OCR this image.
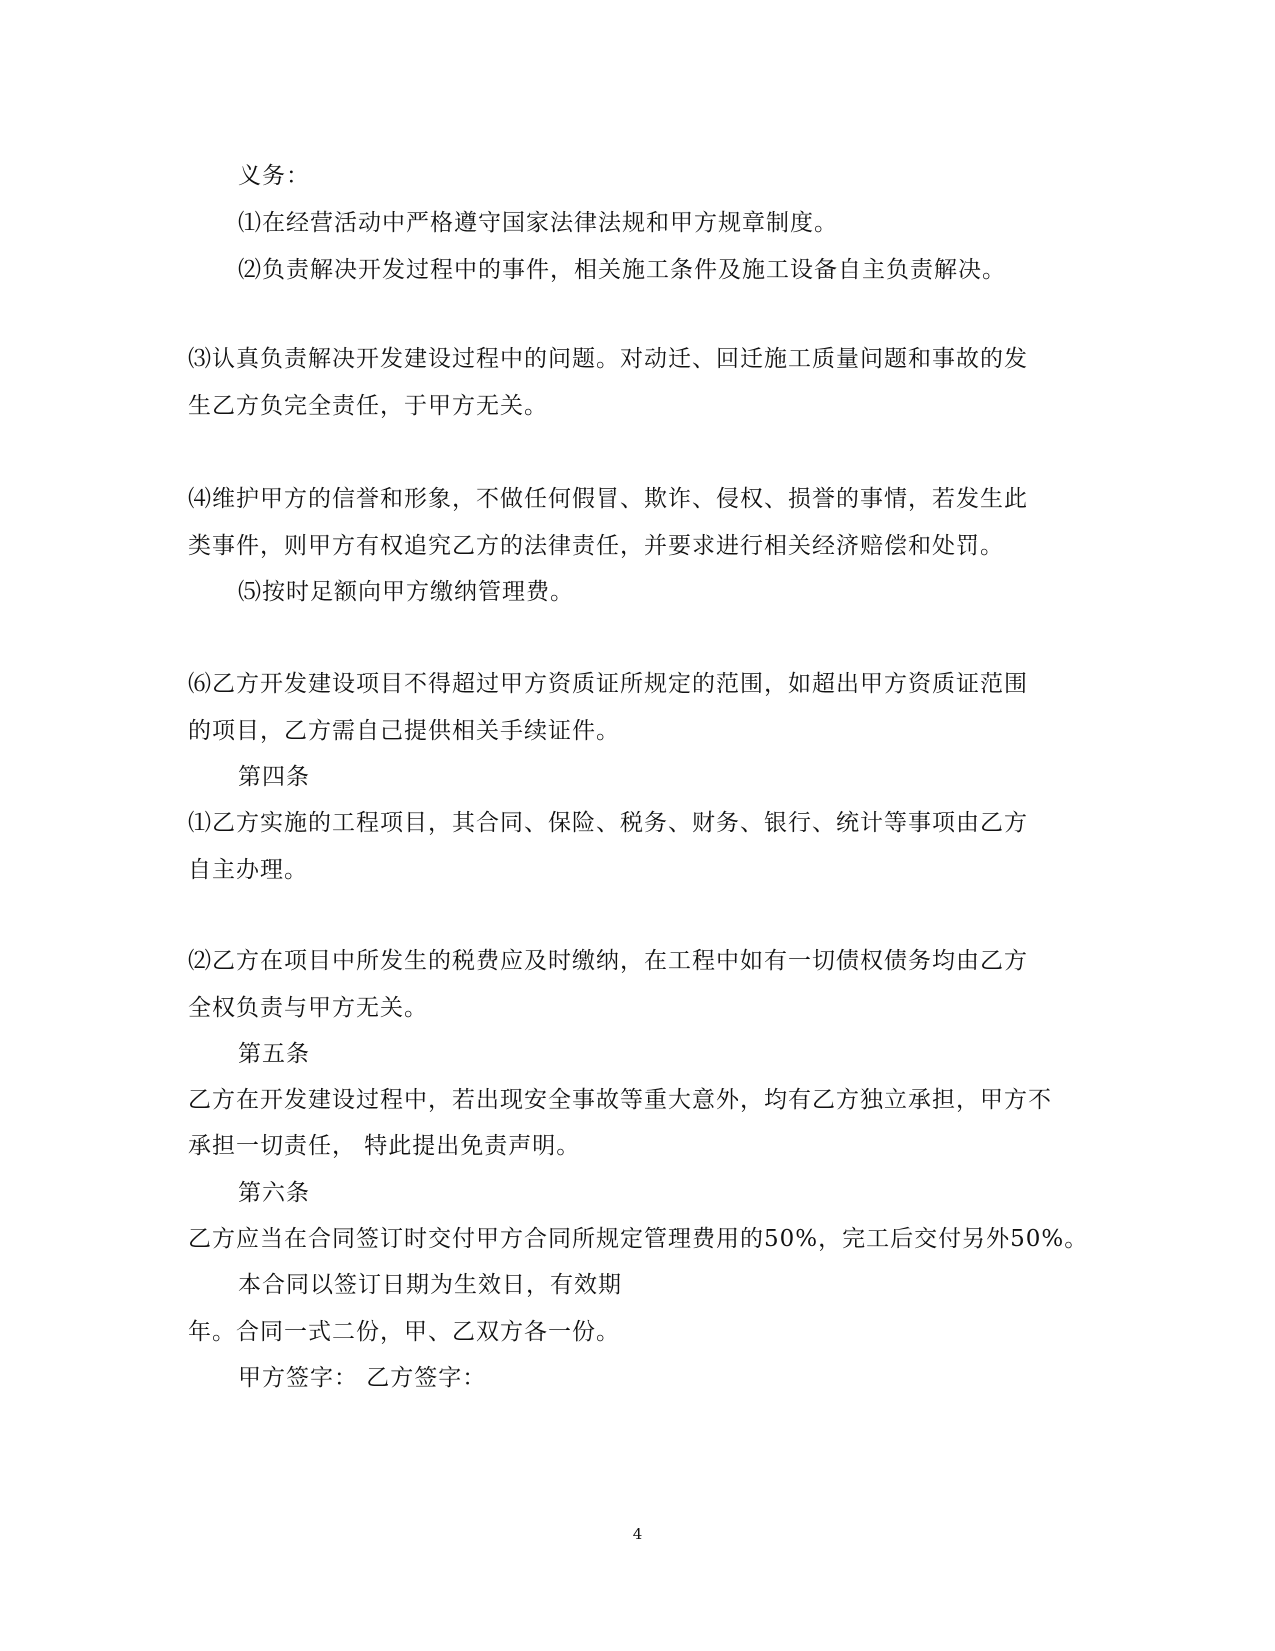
义务：
⑴在经营活动中严格遵守国家法律法规和甲方规章制度。
⑵负责解决开发过程中的事件，相关施工条件及施工设备自主负责解决。
⑶认真负责解决开发建设过程中的问题。对动迁、回迁施工质量问题和事故的发
生乙方负完全责任，于甲方无关。
⑷维护甲方的信誉和形象，不做任何假冒、欺诈、侵权、损誉的事情，若发生此
类事件，则甲方有权追究乙方的法律责任，并要求进行相关经济赔偿和处罚。
⑸按时足额向甲方缴纳管理费。
⑹乙方开发建设项目不得超过甲方资质证所规定的范围，如超出甲方资质证范围
的项目，乙方需自己提供相关手续证件。
第四条
⑴乙方实施的工程项目，其合同、保险、税务、财务、银行、统计等事项由乙方
自主办理。
⑵乙方在项目中所发生的税费应及时缴纳，在工程中如有一切债权债务均由乙方
全权负责与甲方无关。
第五条
乙方在开发建设过程中，若出现安全事故等重大意外，均有乙方独立承担，甲方不
承担一切责任， 特此提出免责声明。
第六条
乙方应当在合同签订时交付甲方合同所规定管理费用的50%，完工后交付另外50%。
本合同以签订日期为生效日，有效期
年。合同一式二份，甲、乙双方各一份。
甲方签字： 乙方签字：
4
